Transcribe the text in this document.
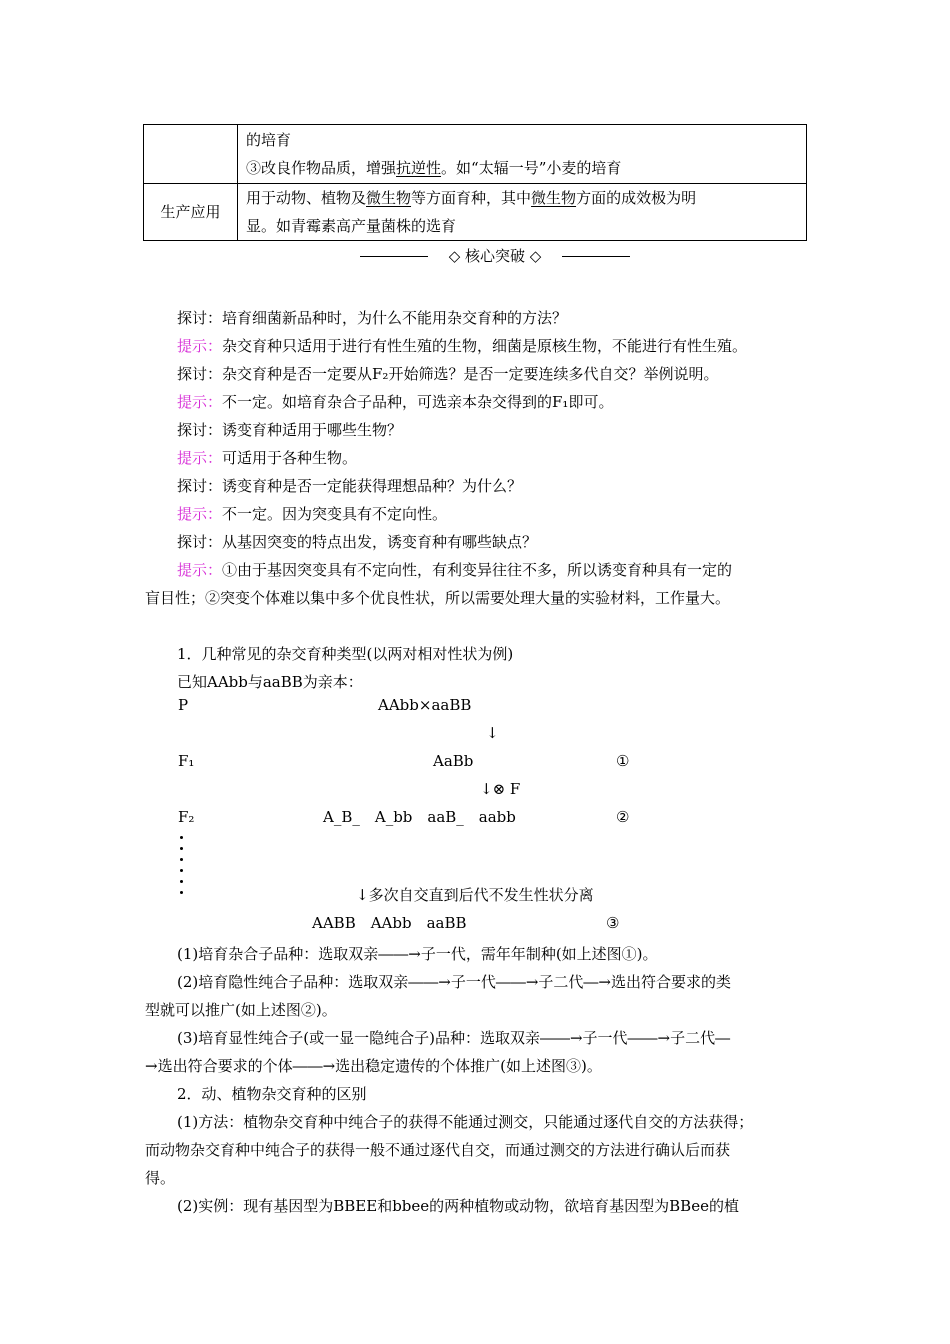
	的培育
③改良作物品质，增强抗逆性。如“太辐一号”小麦的培育

生产应用	用于动物、植物及微生物等方面育种，其中微生物方面的成效极为明
显。如青霉素高产量菌株的选育
◇ 核心突破 ◇
探讨：培育细菌新品种时，为什么不能用杂交育种的方法？
提示：杂交育种只适用于进行有性生殖的生物，细菌是原核生物，不能进行有性生殖。
探讨：杂交育种是否一定要从F₂开始筛选？是否一定要连续多代自交？举例说明。
提示：不一定。如培育杂合子品种，可选亲本杂交得到的F₁即可。
探讨：诱变育种适用于哪些生物？
提示：可适用于各种生物。
探讨：诱变育种是否一定能获得理想品种？为什么？
提示：不一定。因为突变具有不定向性。
探讨：从基因突变的特点出发，诱变育种有哪些缺点？
提示：①由于基因突变具有不定向性，有利变异往往不多，所以诱变育种具有一定的
盲目性；②突变个体难以集中多个优良性状，所以需要处理大量的实验材料，工作量大。
1．几种常见的杂交育种类型(以两对相对性状为例)
已知AAbb与aaBB为亲本：
P	AAbb×aaBB
↓
F₁	AaBb	①
↓⊗ F
F₂	A_B_　A_bb　aaB_　aabb	②
↓多次自交直到后代不发生性状分离
AABB　AAbb　aaBB	③
(1)培育杂合子品种：选取双亲――→子一代，需年年制种(如上述图①)。
(2)培育隐性纯合子品种：选取双亲――→子一代――→子二代―→选出符合要求的类
型就可以推广(如上述图②)。
(3)培育显性纯合子(或一显一隐纯合子)品种：选取双亲――→子一代――→子二代―
→选出符合要求的个体――→选出稳定遗传的个体推广(如上述图③)。
2．动、植物杂交育种的区别
(1)方法：植物杂交育种中纯合子的获得不能通过测交，只能通过逐代自交的方法获得；
而动物杂交育种中纯合子的获得一般不通过逐代自交，而通过测交的方法进行确认后而获
得。
(2)实例：现有基因型为BBEE和bbee的两种植物或动物，欲培育基因型为BBee的植
